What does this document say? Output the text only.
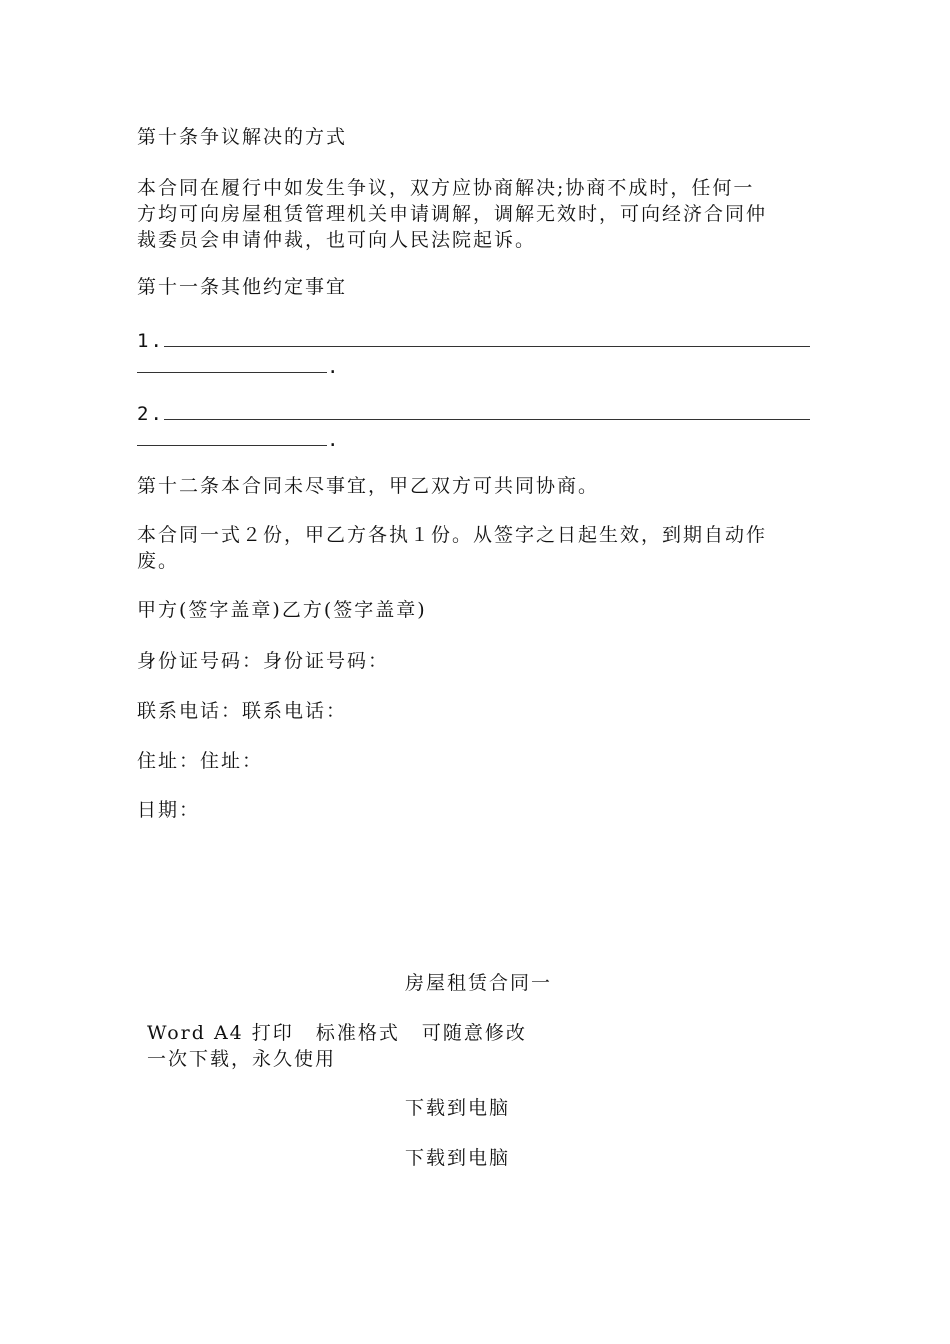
第十条争议解决的方式
本合同在履行中如发生争议，双方应协商解决;协商不成时，任何一
方均可向房屋租赁管理机关申请调解，调解无效时，可向经济合同仲
裁委员会申请仲裁，也可向人民法院起诉。
第十一条其他约定事宜
1.
.
2.
.
第十二条本合同未尽事宜，甲乙双方可共同协商。
本合同一式２份，甲乙方各执１份。从签字之日起生效，到期自动作
废。
甲方(签字盖章)乙方(签字盖章)
身份证号码：身份证号码：
联系电话：联系电话：
住址：住址：
日期：
房屋租赁合同一
Word A4 打印 标准格式 可随意修改
一次下载，永久使用
下载到电脑
下载到电脑
